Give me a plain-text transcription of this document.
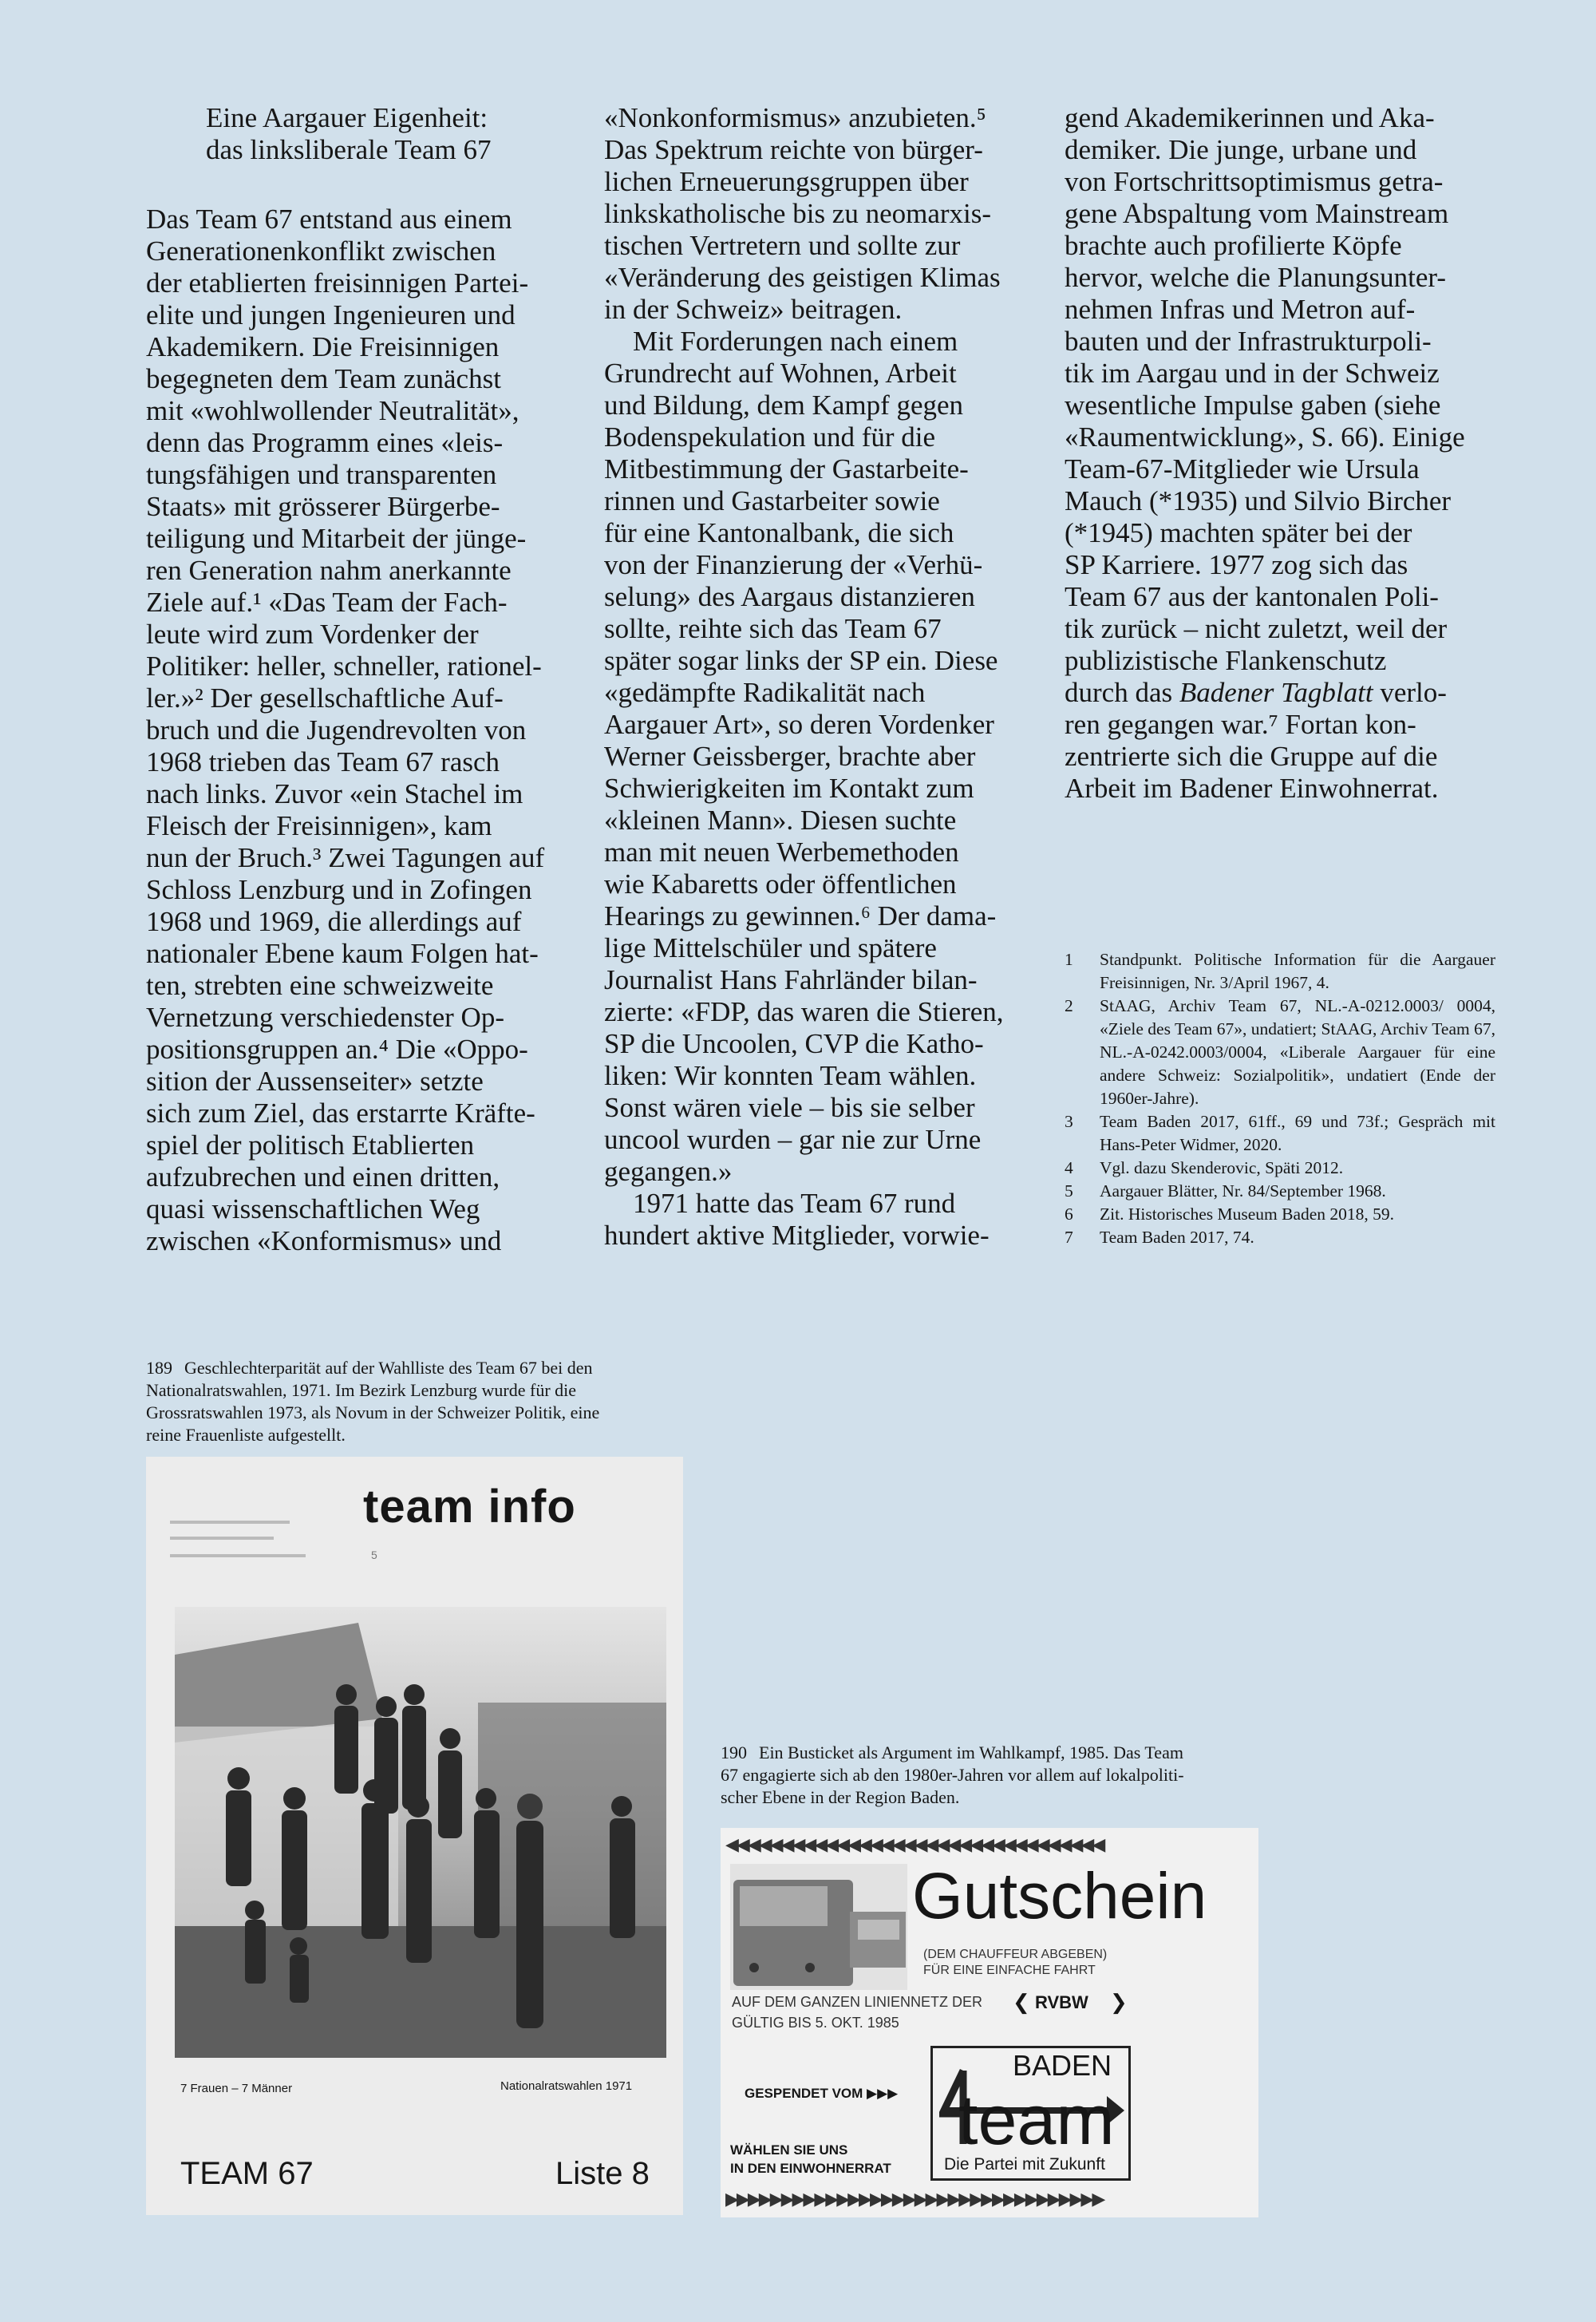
Eine Aargauer Eigenheit:
das linksliberale Team 67
Das Team 67 entstand aus einem
Generationenkonflikt zwischen
der etablierten freisinnigen Partei-
elite und jungen Ingenieuren und
Akademikern. Die Freisinnigen
begegneten dem Team zunächst
mit «wohlwollender Neutralität»,
denn das Programm eines «leis-
tungsfähigen und transparenten
Staats» mit grösserer Bürgerbe-
teiligung und Mitarbeit der jünge-
ren Generation nahm anerkannte
Ziele auf.¹ «Das Team der Fach-
leute wird zum Vordenker der
Politiker: heller, schneller, rationel-
ler.»² Der gesellschaftliche Auf-
bruch und die Jugendrevolten von
1968 trieben das Team 67 rasch
nach links. Zuvor «ein Stachel im
Fleisch der Freisinnigen», kam
nun der Bruch.³ Zwei Tagungen auf
Schloss Lenzburg und in Zofingen
1968 und 1969, die allerdings auf
nationaler Ebene kaum Folgen hat-
ten, strebten eine schweizweite
Vernetzung verschiedenster Op-
positionsgruppen an.⁴ Die «Oppo-
sition der Aussenseiter» setzte
sich zum Ziel, das erstarrte Kräfte-
spiel der politisch Etablierten
aufzubrechen und einen dritten,
quasi wissenschaftlichen Weg
zwischen «Konformismus» und
«Nonkonformismus» anzubieten.⁵
Das Spektrum reichte von bürger-
lichen Erneuerungsgruppen über
linkskatholische bis zu neomarxis-
tischen Vertretern und sollte zur
«Veränderung des geistigen Klimas
in der Schweiz» beitragen.
Mit Forderungen nach einem
Grundrecht auf Wohnen, Arbeit
und Bildung, dem Kampf gegen
Bodenspekulation und für die
Mitbestimmung der Gastarbeite-
rinnen und Gastarbeiter sowie
für eine Kantonalbank, die sich
von der Finanzierung der «Verhü-
selung» des Aargaus distanzieren
sollte, reihte sich das Team 67
später sogar links der SP ein. Diese
«gedämpfte Radikalität nach
Aargauer Art», so deren Vordenker
Werner Geissberger, brachte aber
Schwierigkeiten im Kontakt zum
«kleinen Mann». Diesen suchte
man mit neuen Werbemethoden
wie Kabaretts oder öffentlichen
Hearings zu gewinnen.⁶ Der dama-
lige Mittelschüler und spätere
Journalist Hans Fahrländer bilan-
zierte: «FDP, das waren die Stieren,
SP die Uncoolen, CVP die Katho-
liken: Wir konnten Team wählen.
Sonst wären viele – bis sie selber
uncool wurden – gar nie zur Urne
gegangen.»
1971 hatte das Team 67 rund
hundert aktive Mitglieder, vorwie-
gend Akademikerinnen und Aka-
demiker. Die junge, urbane und
von Fortschrittsoptimismus getra-
gene Abspaltung vom Mainstream
brachte auch profilierte Köpfe
hervor, welche die Planungsunter-
nehmen Infras und Metron auf-
bauten und der Infrastrukturpoli-
tik im Aargau und in der Schweiz
wesentliche Impulse gaben (siehe
«Raumentwicklung», S. 66). Einige
Team-67-Mitglieder wie Ursula
Mauch (*1935) und Silvio Bircher
(*1945) machten später bei der
SP Karriere. 1977 zog sich das
Team 67 aus der kantonalen Poli-
tik zurück – nicht zuletzt, weil der
publizistische Flankenschutz
durch das Badener Tagblatt verlo-
ren gegangen war.⁷ Fortan kon-
zentrierte sich die Gruppe auf die
Arbeit im Badener Einwohnerrat.
1	Standpunkt. Politische Information für die Aargauer Freisinnigen, Nr. 3/April 1967, 4.
2	StAAG, Archiv Team 67, NL.-A-0212.0003/ 0004, «Ziele des Team 67», undatiert; StAAG, Archiv Team 67, NL.-A-0242.0003/0004, «Liberale Aargauer für eine andere Schweiz: Sozialpolitik», undatiert (Ende der 1960er-Jahre).
3	Team Baden 2017, 61ff., 69 und 73f.; Gespräch mit Hans-Peter Widmer, 2020.
4	Vgl. dazu Skenderovic, Späti 2012.
5	Aargauer Blätter, Nr. 84/September 1968.
6	Zit. Historisches Museum Baden 2018, 59.
7	Team Baden 2017, 74.
189 Geschlechterparität auf der Wahlliste des Team 67 bei den
Nationalratswahlen, 1971. Im Bezirk Lenzburg wurde für die
Grossratswahlen 1973, als Novum in der Schweizer Politik, eine
reine Frauenliste aufgestellt.
team info
5
7 Frauen – 7 Männer	Nationalratswahlen 1971
TEAM 67	Liste 8
190 Ein Busticket als Argument im Wahlkampf, 1985. Das Team
67 engagierte sich ab den 1980er-Jahren vor allem auf lokalpoliti-
scher Ebene in der Region Baden.
◀◀◀◀◀◀◀◀◀◀◀◀◀◀◀◀◀◀◀◀◀◀◀◀◀◀◀◀◀◀◀◀◀◀
Gutschein
(DEM CHAUFFEUR ABGEBEN)
FÜR EINE EINFACHE FAHRT
AUF DEM GANZEN LINIENNETZ DER ❮ RVBW ❯
GÜLTIG BIS 5. OKT. 1985
GESPENDET VOM ▶▶▶
WÄHLEN SIE UNS
IN DEN EINWOHNERRAT
BADEN
team
Die Partei mit Zukunft
▶▶▶▶▶▶▶▶▶▶▶▶▶▶▶▶▶▶▶▶▶▶▶▶▶▶▶▶▶▶▶▶▶▶
